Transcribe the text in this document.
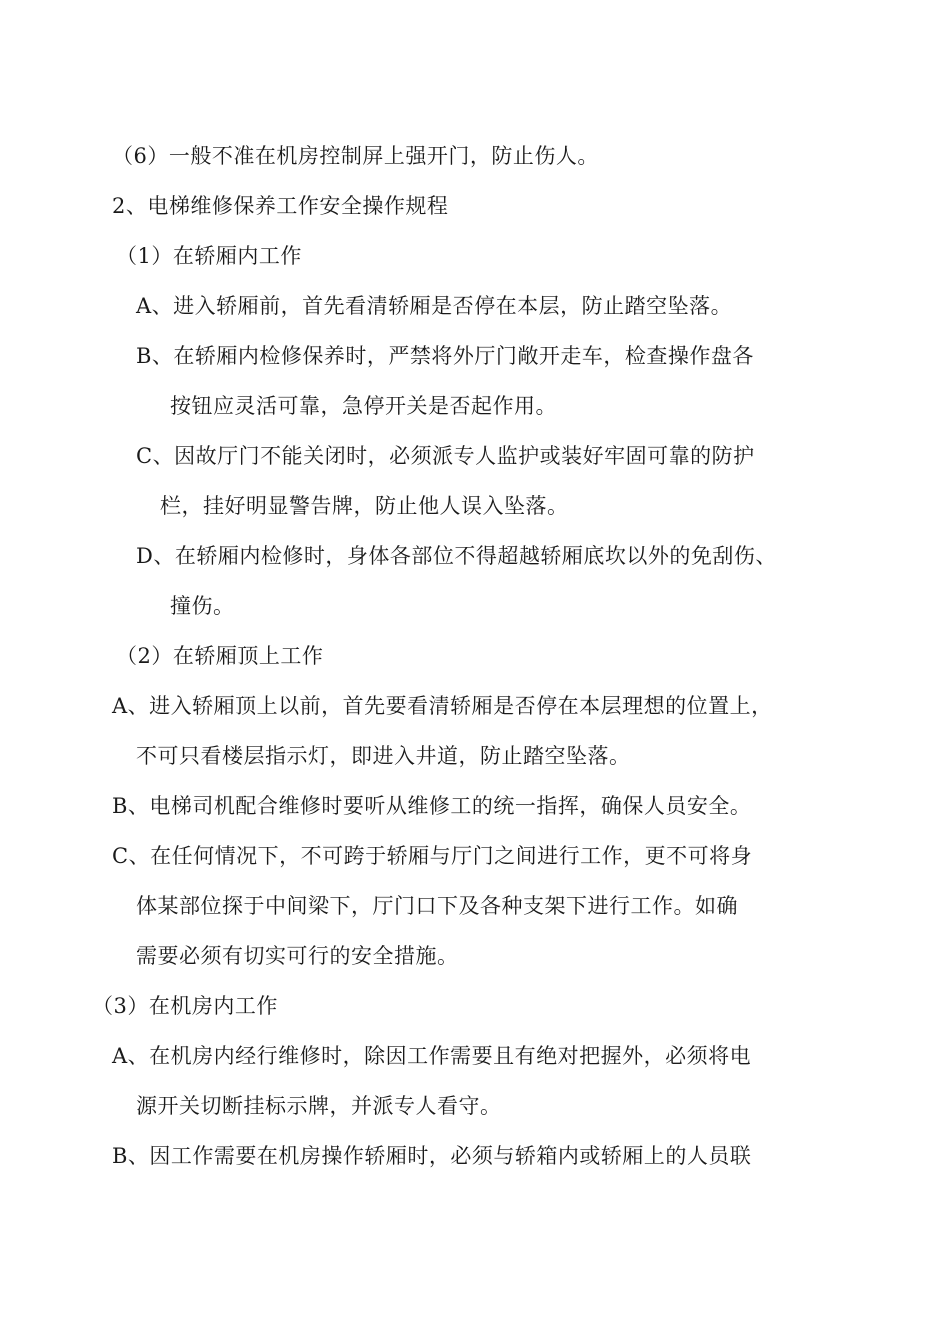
（6）一般不准在机房控制屏上强开门，防止伤人。
2、电梯维修保养工作安全操作规程
（1）在轿厢内工作
A、进入轿厢前，首先看清轿厢是否停在本层，防止踏空坠落。
B、在轿厢内检修保养时，严禁将外厅门敞开走车，检查操作盘各
按钮应灵活可靠，急停开关是否起作用。
C、因故厅门不能关闭时，必须派专人监护或装好牢固可靠的防护
栏，挂好明显警告牌，防止他人误入坠落。
D、在轿厢内检修时，身体各部位不得超越轿厢底坎以外的免刮伤、
撞伤。
（2）在轿厢顶上工作
A、进入轿厢顶上以前，首先要看清轿厢是否停在本层理想的位置上，
不可只看楼层指示灯，即进入井道，防止踏空坠落。
B、电梯司机配合维修时要听从维修工的统一指挥，确保人员安全。
C、在任何情况下，不可跨于轿厢与厅门之间进行工作，更不可将身
体某部位探于中间梁下，厅门口下及各种支架下进行工作。如确
需要必须有切实可行的安全措施。
（3）在机房内工作
A、在机房内经行维修时，除因工作需要且有绝对把握外，必须将电
源开关切断挂标示牌，并派专人看守。
B、因工作需要在机房操作轿厢时，必须与轿箱内或轿厢上的人员联
